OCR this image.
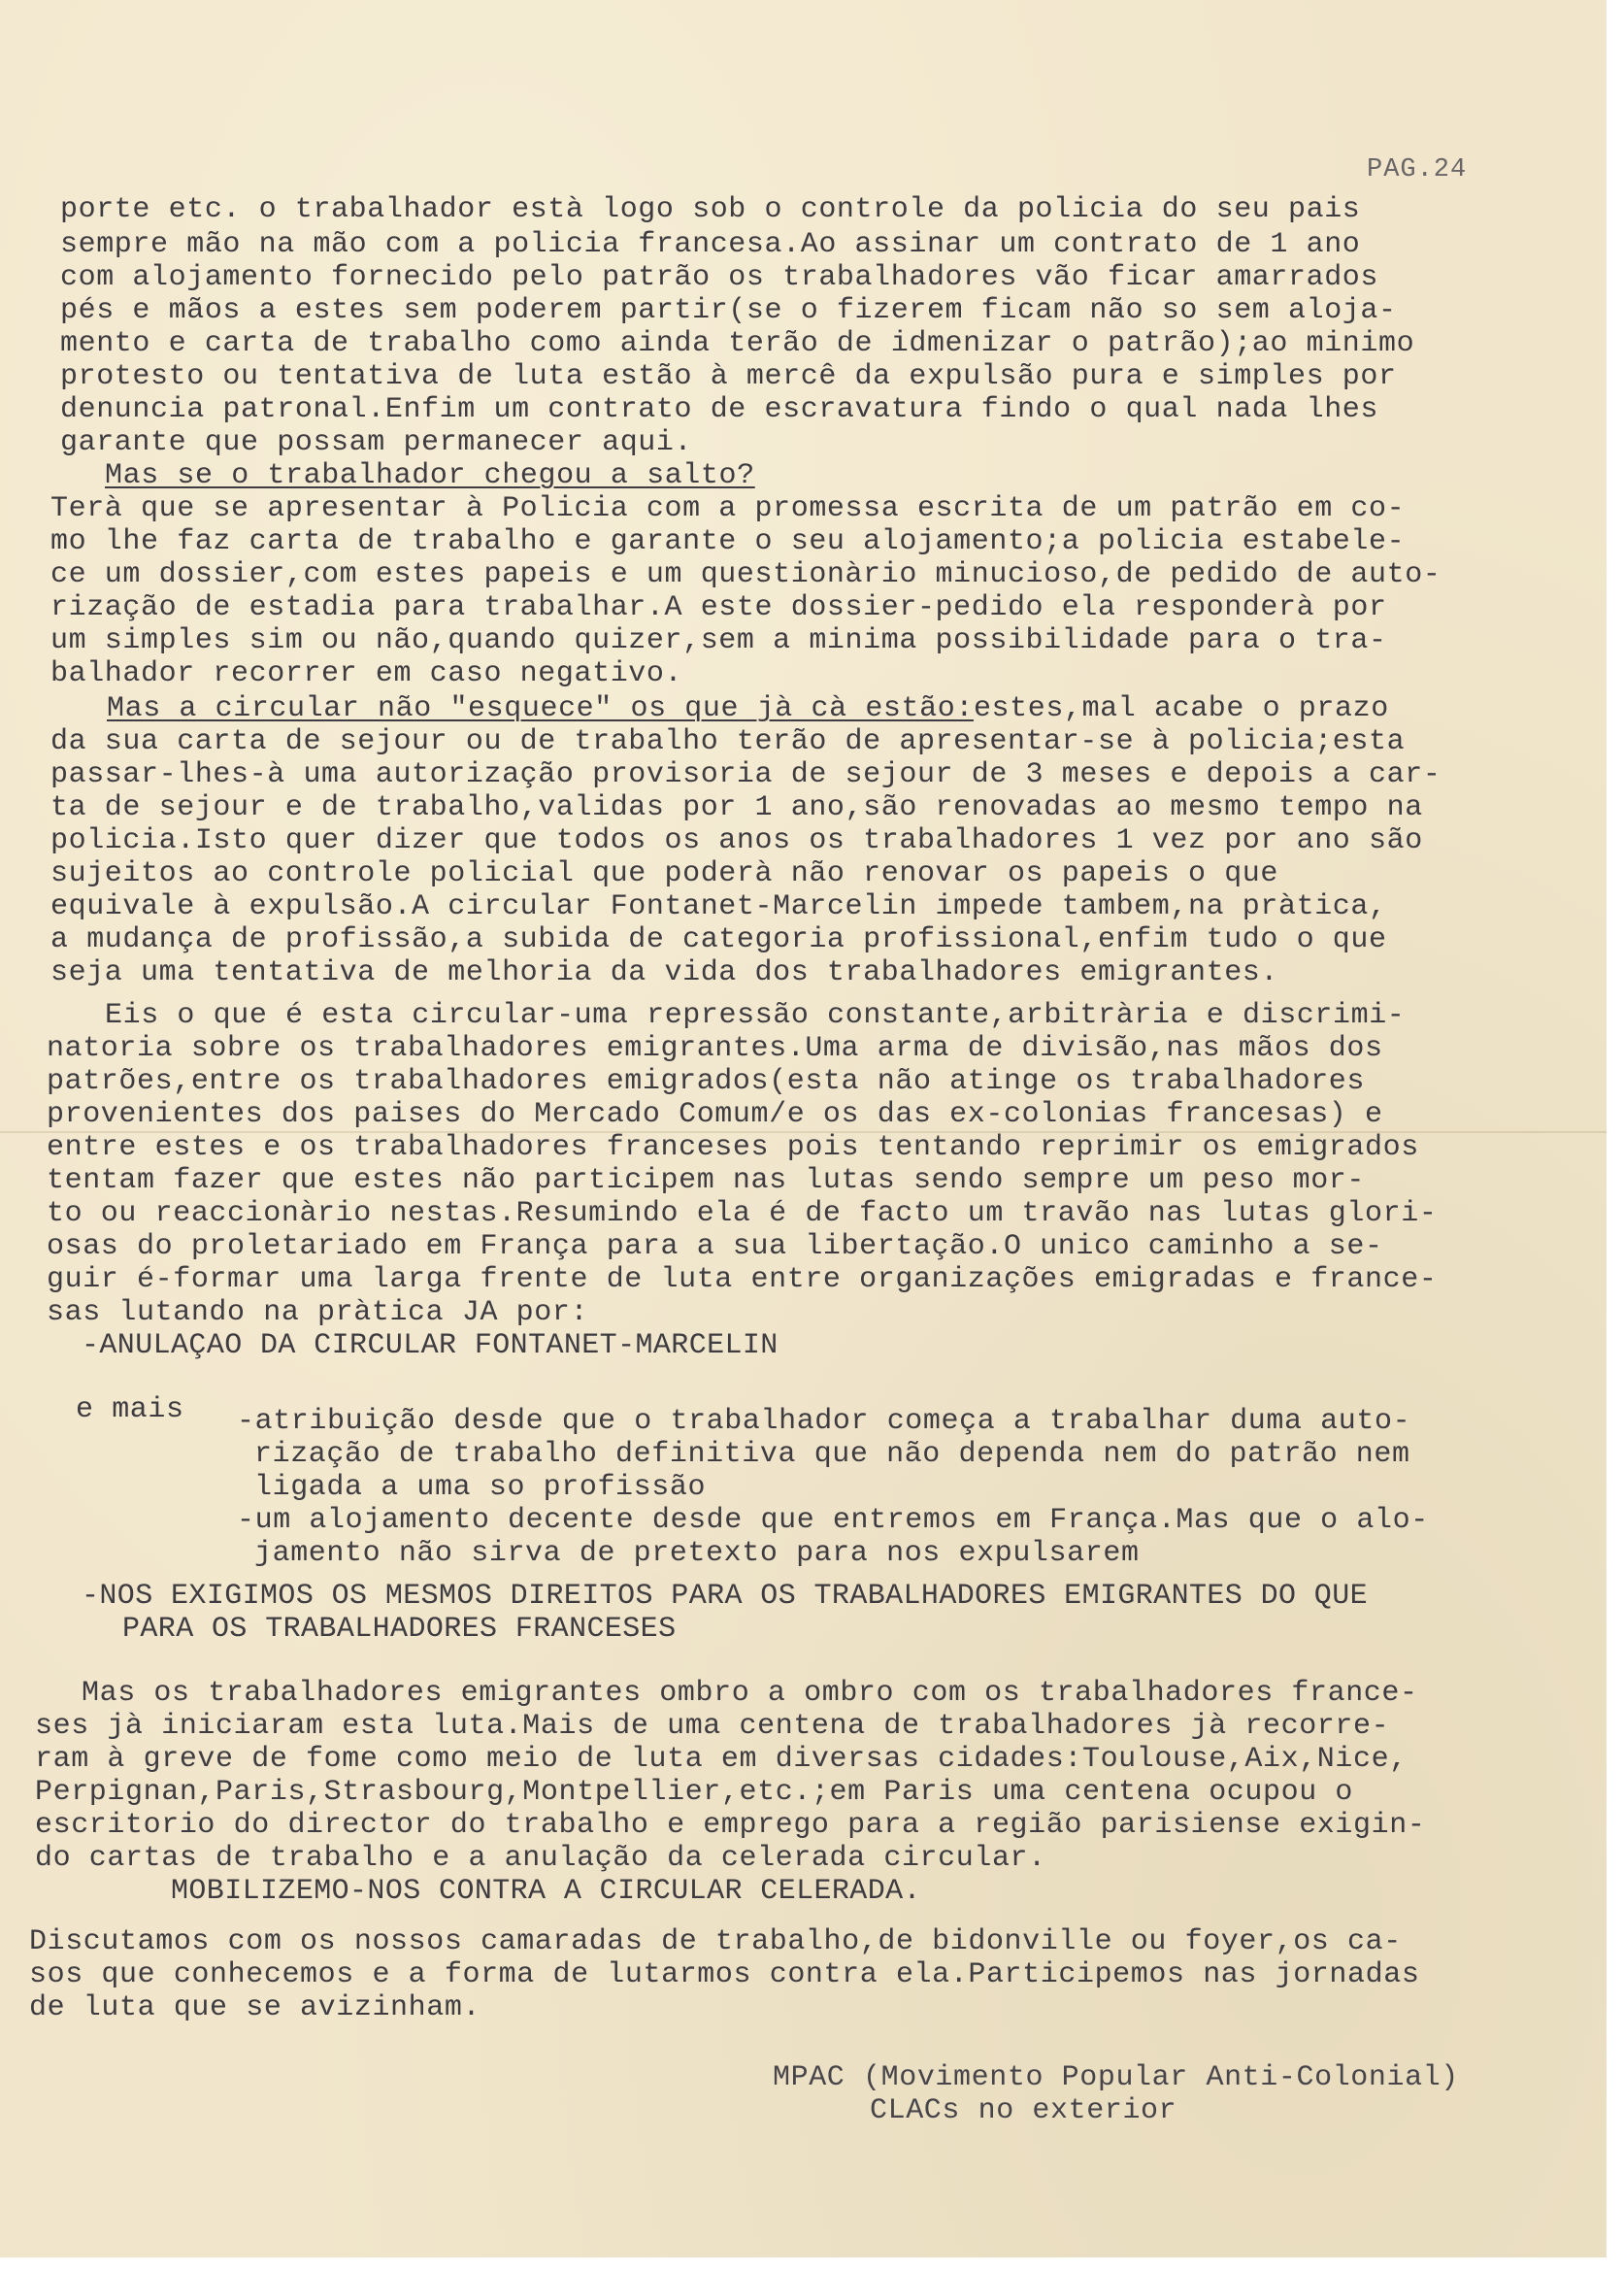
PAG.24
porte etc. o trabalhador està logo sob o controle da policia do seu pais
sempre mão na mão com a policia francesa.Ao assinar um contrato de 1 ano
com alojamento fornecido pelo patrão os trabalhadores vão ficar amarrados
pés e mãos a estes sem poderem partir(se o fizerem ficam não so sem aloja-
mento e carta de trabalho como ainda terão de idmenizar o patrão);ao minimo
protesto ou tentativa de luta estão à mercê da expulsão pura e simples por
denuncia patronal.Enfim um contrato de escravatura findo o qual nada lhes
garante que possam permanecer aqui.
Mas se o trabalhador chegou a salto?
Terà que se apresentar à Policia com a promessa escrita de um patrão em co-
mo lhe faz carta de trabalho e garante o seu alojamento;a policia estabele-
ce um dossier,com estes papeis e um questionàrio minucioso,de pedido de auto-
rização de estadia para trabalhar.A este dossier-pedido ela responderà por
um simples sim ou não,quando quizer,sem a minima possibilidade para o tra-
balhador recorrer em caso negativo.
Mas a circular não "esquece" os que jà cà estão:estes,mal acabe o prazo
da sua carta de sejour ou de trabalho terão de apresentar-se à policia;esta
passar-lhes-à uma autorização provisoria de sejour de 3 meses e depois a car-
ta de sejour e de trabalho,validas por 1 ano,são renovadas ao mesmo tempo na
policia.Isto quer dizer que todos os anos os trabalhadores 1 vez por ano são
sujeitos ao controle policial que poderà não renovar os papeis o que
equivale à expulsão.A circular Fontanet-Marcelin impede tambem,na pràtica,
a mudança de profissão,a subida de categoria profissional,enfim tudo o que
seja uma tentativa de melhoria da vida dos trabalhadores emigrantes.
Eis o que é esta circular-uma repressão constante,arbitrària e discrimi-
natoria sobre os trabalhadores emigrantes.Uma arma de divisão,nas mãos dos
patrões,entre os trabalhadores emigrados(esta não atinge os trabalhadores
provenientes dos paises do Mercado Comum/e os das ex-colonias francesas) e
entre estes e os trabalhadores franceses pois tentando reprimir os emigrados
tentam fazer que estes não participem nas lutas sendo sempre um peso mor-
to ou reaccionàrio nestas.Resumindo ela é de facto um travão nas lutas glori-
osas do proletariado em França para a sua libertação.O unico caminho a se-
guir é-formar uma larga frente de luta entre organizações emigradas e france-
sas lutando na pràtica JA por:
-ANULAÇAO DA CIRCULAR FONTANET-MARCELIN
e mais -atribuição desde que o trabalhador começa a trabalhar duma auto-
rização de trabalho definitiva que não dependa nem do patrão nem
ligada a uma so profissão
-um alojamento decente desde que entremos em França.Mas que o alo-
jamento não sirva de pretexto para nos expulsarem
-NOS EXIGIMOS OS MESMOS DIREITOS PARA OS TRABALHADORES EMIGRANTES DO QUE
PARA OS TRABALHADORES FRANCESES
Mas os trabalhadores emigrantes ombro a ombro com os trabalhadores france-
ses jà iniciaram esta luta.Mais de uma centena de trabalhadores jà recorre-
ram à greve de fome como meio de luta em diversas cidades:Toulouse,Aix,Nice,
Perpignan,Paris,Strasbourg,Montpellier,etc.;em Paris uma centena ocupou o
escritorio do director do trabalho e emprego para a região parisiense exigin-
do cartas de trabalho e a anulação da celerada circular.
MOBILIZEMO-NOS CONTRA A CIRCULAR CELERADA.
Discutamos com os nossos camaradas de trabalho,de bidonville ou foyer,os ca-
sos que conhecemos e a forma de lutarmos contra ela.Participemos nas jornadas
de luta que se avizinham.
MPAC (Movimento Popular Anti-Colonial)
CLACs no exterior
